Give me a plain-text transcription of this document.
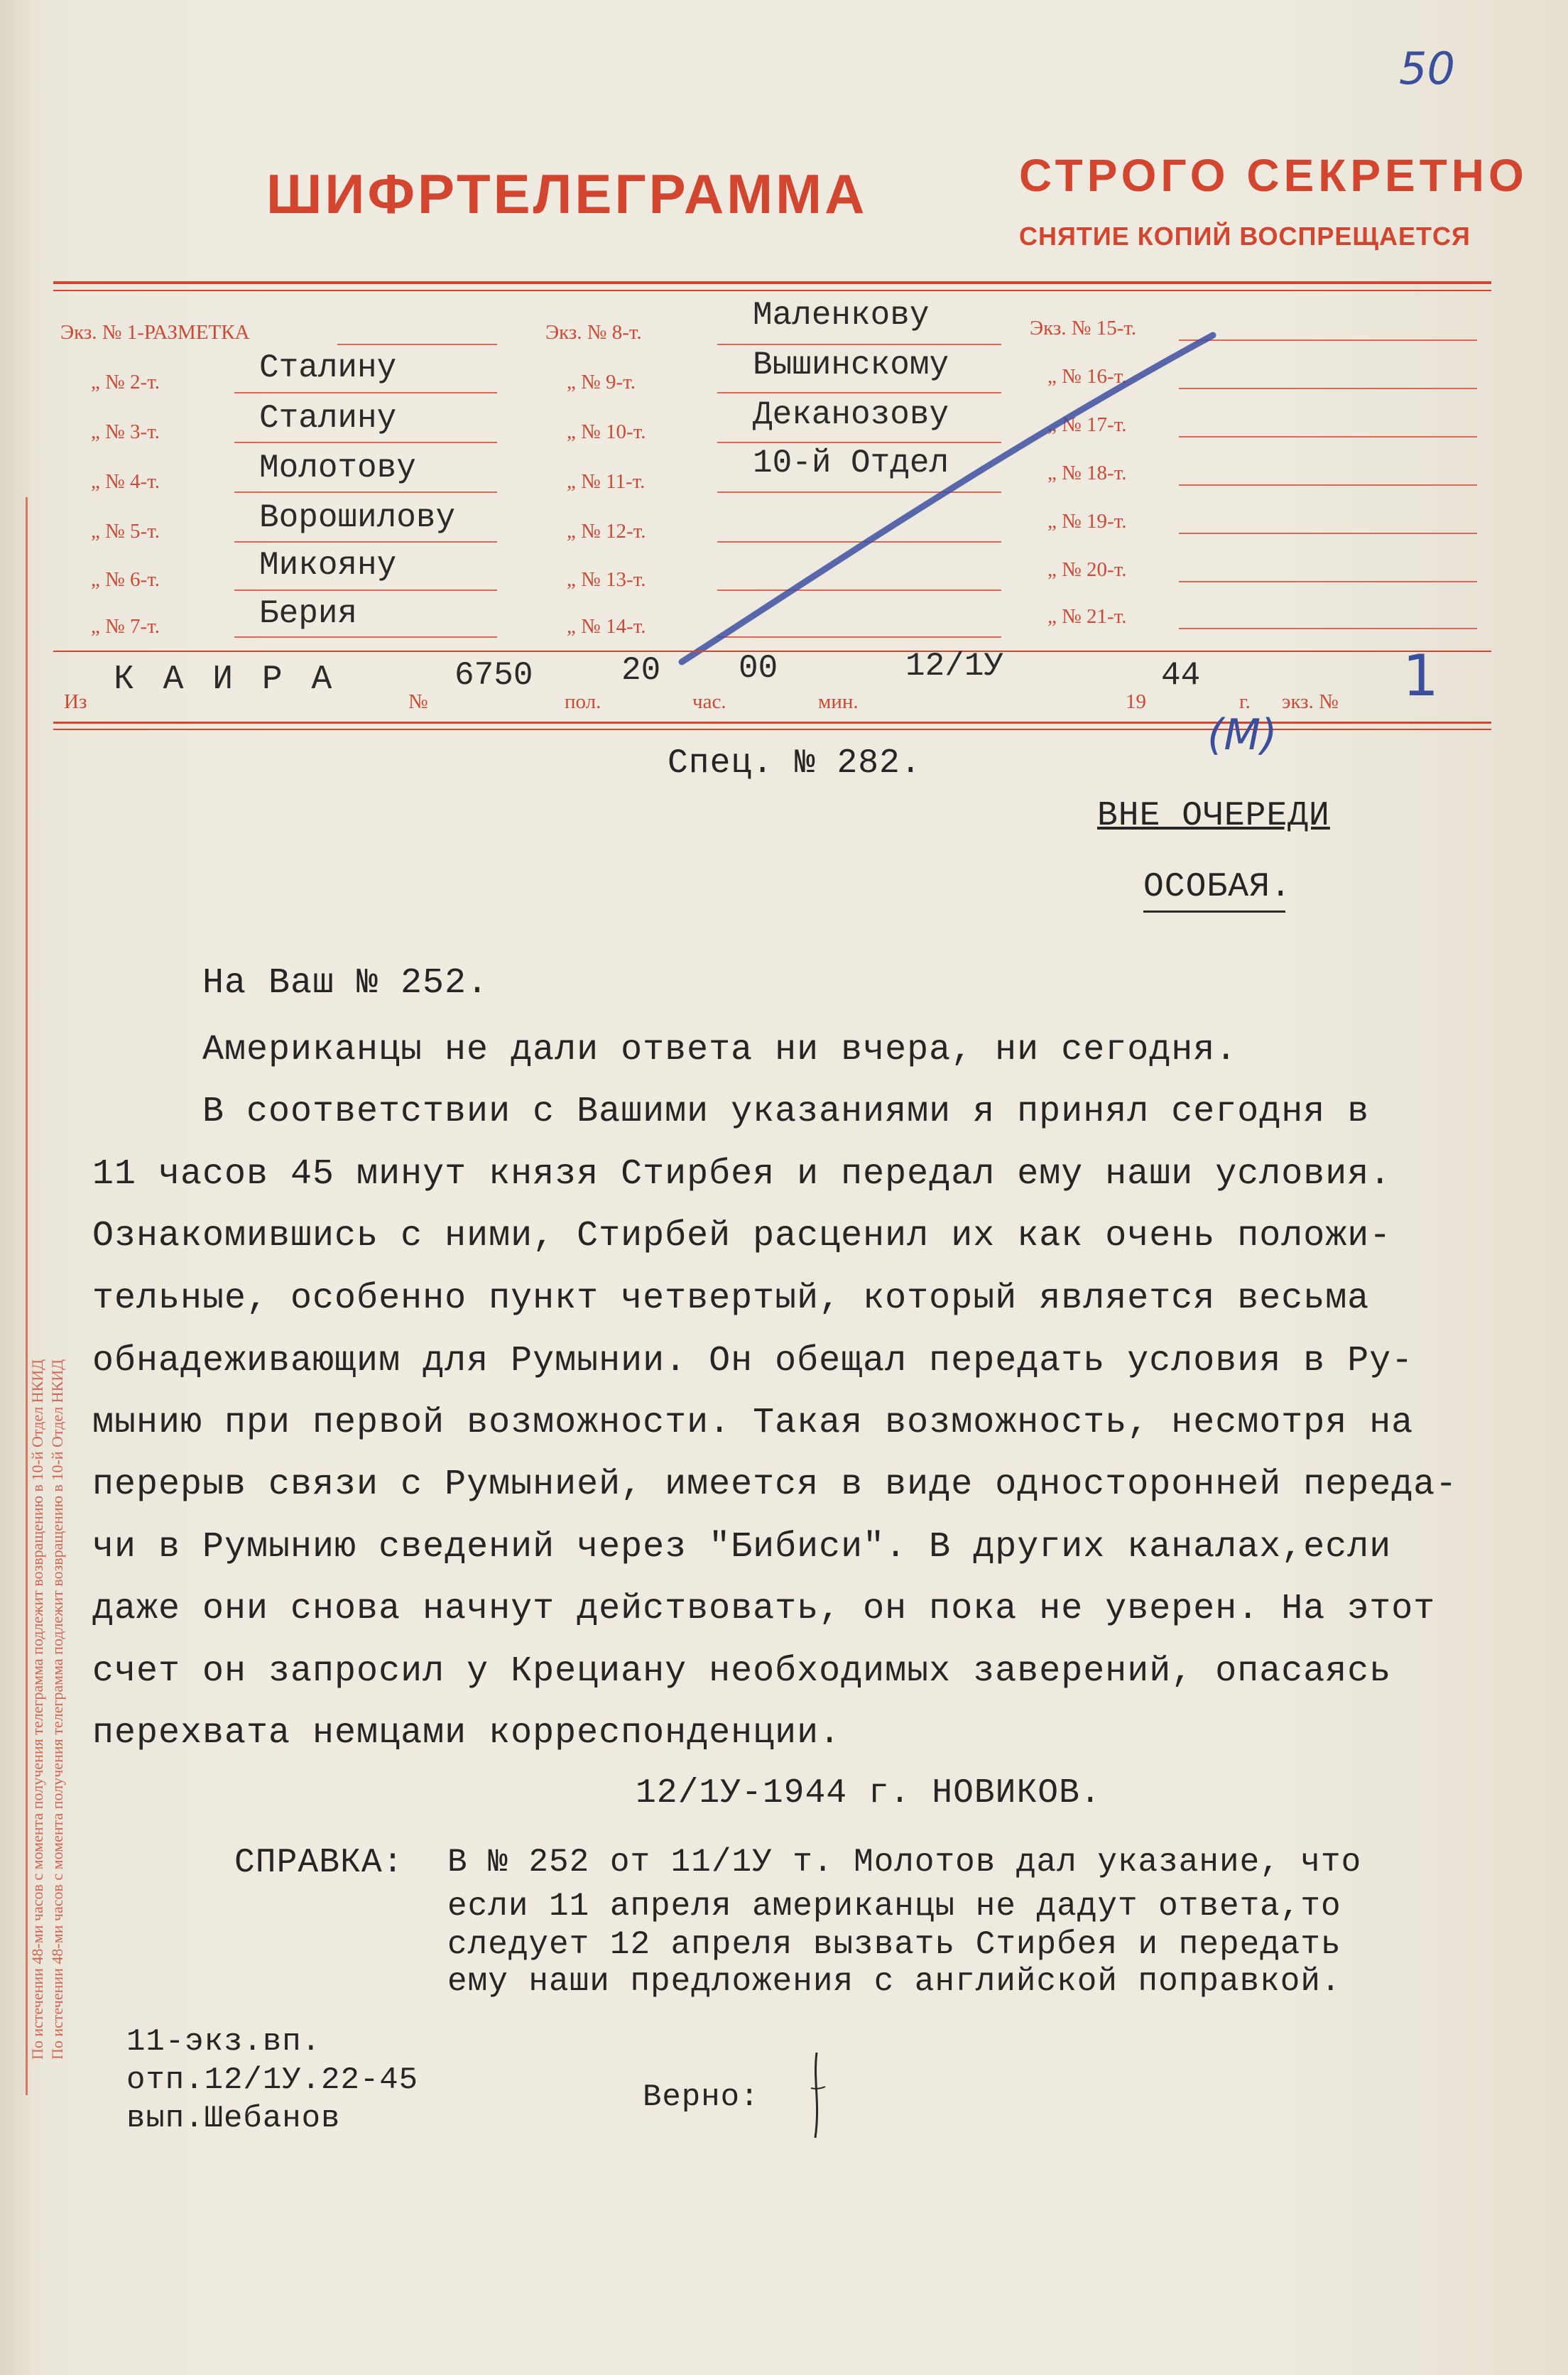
По истечении 48-ми часов с момента получения телеграмма подлежит возвращению в 10-й Отдел НКИД По истечении 48-ми часов с момента получения телеграмма подлежит возвращению в 10-й Отдел НКИД
50
ШИФРТЕЛЕГРАММА	СТРОГО СЕКРЕТНО
СНЯТИЕ КОПИЙ ВОСПРЕЩАЕТСЯ
Экз. № 1-РАЗМЕТКА
„ № 2-т.	Сталину
„ № 3-т.	Сталину
„ № 4-т.	Молотову
„ № 5-т.	Ворошилову
„ № 6-т.	Микояну
„ № 7-т.	Берия
Экз. № 8-т.	Маленкову
„ № 9-т.	Вышинскому
„ № 10-т.	Деканозову
„ № 11-т.	10-й Отдел
„ № 12-т.
„ № 13-т.
„ № 14-т.
Экз. № 15-т.
„ № 16-т.
„ № 17-т.
„ № 18-т.
„ № 19-т.
„ № 20-т.
„ № 21-т.
Из
К А И Р А
№
6750
пол.
20
час.
00
мин.
12/1У
19
44
г. экз. № 1
Спец. № 282.
(М)
ВНЕ ОЧЕРЕДИ
ОСОБАЯ.
На Ваш № 252.
Американцы не дали ответа ни вчера, ни сегодня.
В соответствии с Вашими указаниями я принял сегодня в
11 часов 45 минут князя Стирбея и передал ему наши условия.
Ознакомившись с ними, Стирбей расценил их как очень положи-
тельные, особенно пункт четвертый, который является весьма
обнадеживающим для Румынии. Он обещал передать условия в Ру-
мынию при первой возможности. Такая возможность, несмотря на
перерыв связи с Румынией, имеется в виде односторонней переда-
чи в Румынию сведений через "Бибиси". В других каналах,если
даже они снова начнут действовать, он пока не уверен. На этот
счет он запросил у Крециану необходимых заверений, опасаясь
перехвата немцами корреспонденции.
12/1У-1944 г. НОВИКОВ.
СПРАВКА: В № 252 от 11/1У т. Молотов дал указание, что
если 11 апреля американцы не дадут ответа,то
следует 12 апреля вызвать Стирбея и передать
ему наши предложения с английской поправкой.
11-экз.вп.
отп.12/1У.22-45
вып.Шебанов
Верно:
